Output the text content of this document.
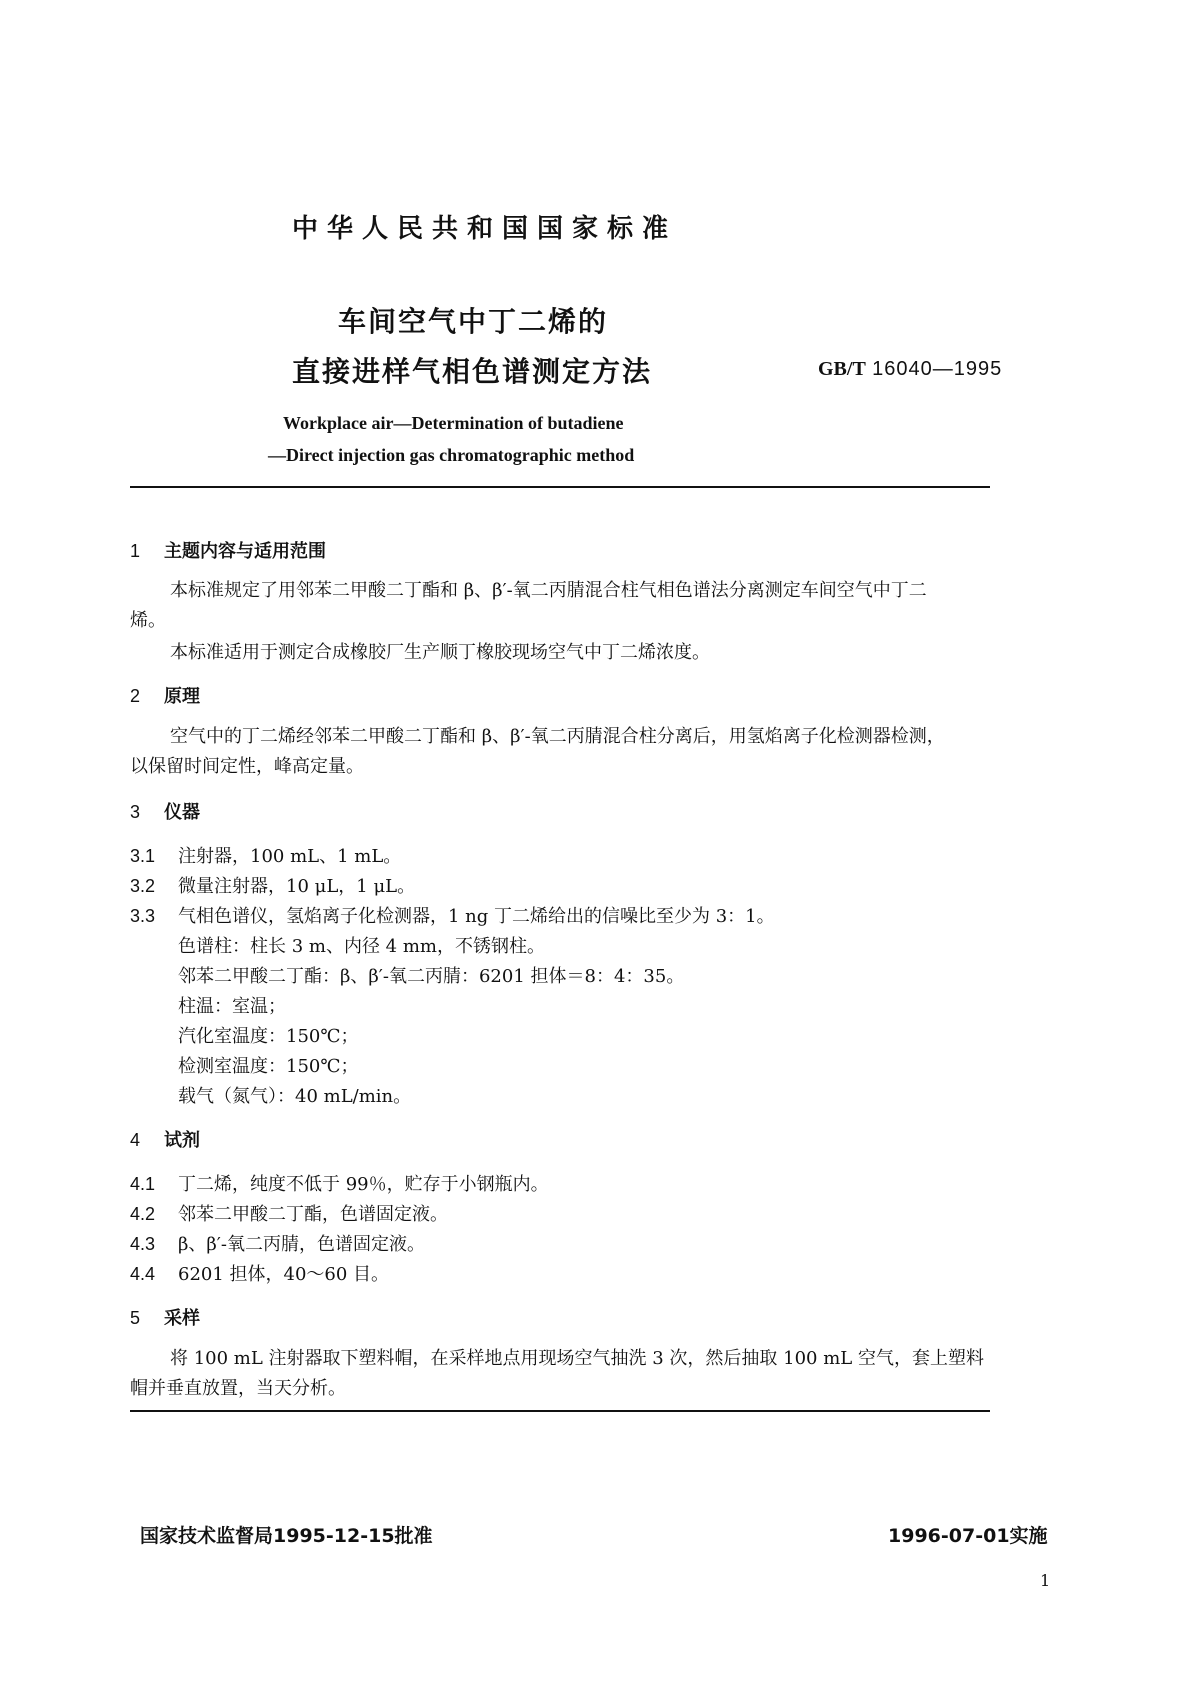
中华人民共和国国家标准
车间空气中丁二烯的
直接进样气相色谱测定方法	GB/T 16040—1995
Workplace air—Determination of butadiene
—Direct injection gas chromatographic method
1 主题内容与适用范围
本标准规定了用邻苯二甲酸二丁酯和 β、β′-氧二丙腈混合柱气相色谱法分离测定车间空气中丁二
烯。
本标准适用于测定合成橡胶厂生产顺丁橡胶现场空气中丁二烯浓度。
2 原理
空气中的丁二烯经邻苯二甲酸二丁酯和 β、β′-氧二丙腈混合柱分离后，用氢焰离子化检测器检测，
以保留时间定性，峰高定量。
3 仪器
3.1 注射器，100 mL、1 mL。
3.2 微量注射器，10 μL，1 μL。
3.3 气相色谱仪，氢焰离子化检测器，1 ng 丁二烯给出的信噪比至少为 3：1。
色谱柱：柱长 3 m、内径 4 mm，不锈钢柱。
邻苯二甲酸二丁酯：β、β′-氧二丙腈：6201 担体＝8：4：35。
柱温：室温；
汽化室温度：150℃；
检测室温度：150℃；
载气（氮气）：40 mL/min。
4 试剂
4.1 丁二烯，纯度不低于 99％，贮存于小钢瓶内。
4.2 邻苯二甲酸二丁酯，色谱固定液。
4.3 β、β′-氧二丙腈，色谱固定液。
4.4 6201 担体，40～60 目。
5 采样
将 100 mL 注射器取下塑料帽，在采样地点用现场空气抽洗 3 次，然后抽取 100 mL 空气，套上塑料
帽并垂直放置，当天分析。
国家技术监督局1995-12-15批准	1996-07-01实施
1
